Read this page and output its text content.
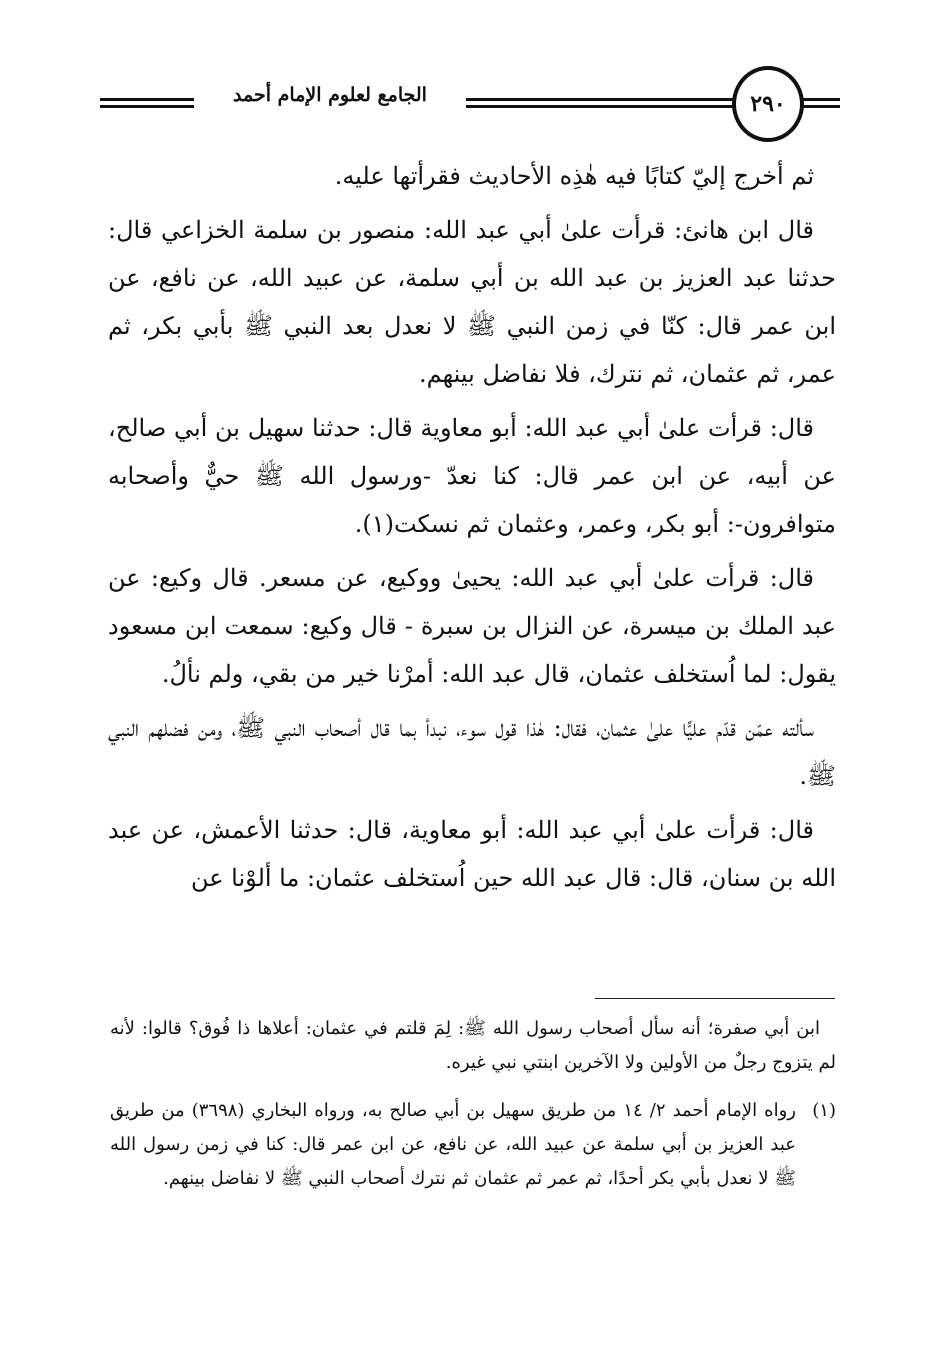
٢٩٠
الجامع لعلوم الإمام أحمد

ثم أخرج إليّ كتابًا فيه هٰذِه الأحاديث فقرأتها عليه.

قال ابن هانئ: قرأت علىٰ أبي عبد الله: منصور بن سلمة الخزاعي قال: حدثنا عبد العزيز بن عبد الله بن أبي سلمة، عن عبيد الله، عن نافع، عن ابن عمر قال: كنّا في زمن النبي ﷺ لا نعدل بعد النبي ﷺ بأبي بكر، ثم عمر، ثم عثمان، ثم نترك، فلا نفاضل بينهم.

قال: قرأت علىٰ أبي عبد الله: أبو معاوية قال: حدثنا سهيل بن أبي صالح، عن أبيه، عن ابن عمر قال: كنا نعدّ -ورسول الله ﷺ حيٌّ وأصحابه متوافرون-: أبو بكر، وعمر، وعثمان ثم نسكت(١).

قال: قرأت علىٰ أبي عبد الله: يحيىٰ ووكيع، عن مسعر. قال وكيع: عن عبد الملك بن ميسرة، عن النزال بن سبرة - قال وكيع: سمعت ابن مسعود يقول: لما اُستخلف عثمان، قال عبد الله: أمرْنا خير من بقي، ولم نألُ.

سألته عمّن قدّم عليًّا علىٰ عثمان، فقال: هٰذا قول سوء، نبدأ بما قال أصحاب النبي ﷺ، ومن فضلهم النبي ﷺ.

قال: قرأت علىٰ أبي عبد الله: أبو معاوية، قال: حدثنا الأعمش، عن عبد الله بن سنان، قال: قال عبد الله حين اُستخلف عثمان: ما ألوْنا عن

ابن أبي صفرة؛ أنه سأل أصحاب رسول الله ﷺ: لِمَ قلتم في عثمان: أعلاها ذا فُوق؟ قالوا: لأنه لم يتزوج رجلٌ من الأولين ولا الآخرين ابنتي نبي غيره.

(١)
رواه الإمام أحمد ٢/ ١٤ من طريق سهيل بن أبي صالح به، ورواه البخاري (٣٦٩٨) من طريق عبد العزيز بن أبي سلمة عن عبيد الله، عن نافع، عن ابن عمر قال: كنا في زمن رسول الله ﷺ لا نعدل بأبي بكر أحدًا، ثم عمر ثم عثمان ثم نترك أصحاب النبي ﷺ لا نفاضل بينهم.
